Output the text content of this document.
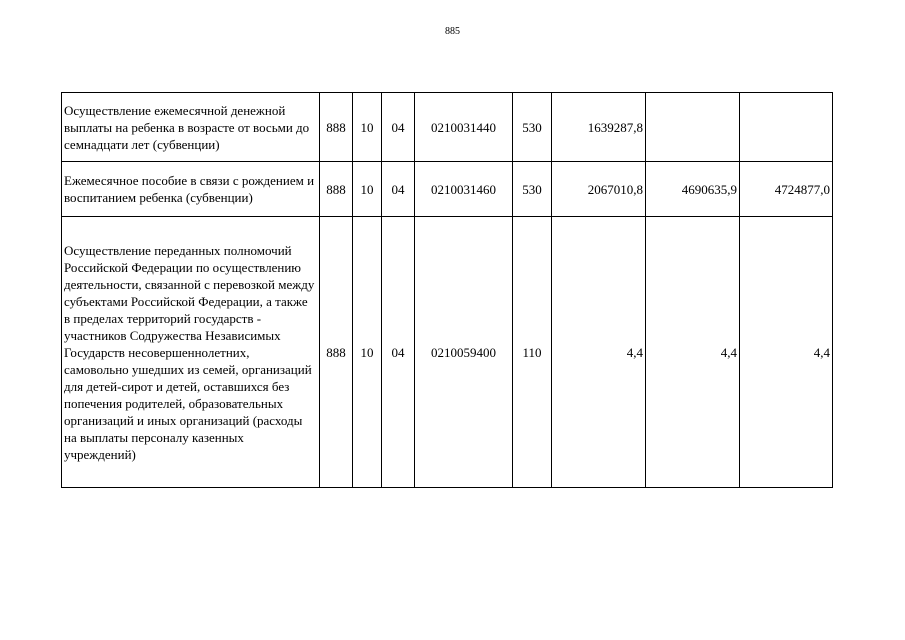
885
Осуществление ежемесячной денежной выплаты на ребенка в возрасте от восьми до семнадцати лет (субвенции)	888	10	04	0210031440	530	1639287,8		
Ежемесячное пособие в связи с рождением и воспитанием ребенка (субвенции)	888	10	04	0210031460	530	2067010,8	4690635,9	4724877,0
Осуществление переданных полномочий Российской Федерации по осуществлению деятельности, связанной с перевозкой между субъектами Российской Федерации, а также в пределах территорий государств - участников Содружества Независимых Государств несовершеннолетних, самовольно ушедших из семей, организаций для детей-сирот и детей, оставшихся без попечения родителей, образовательных организаций и иных организаций (расходы на выплаты персоналу казенных учреждений)	888	10	04	0210059400	110	4,4	4,4	4,4
